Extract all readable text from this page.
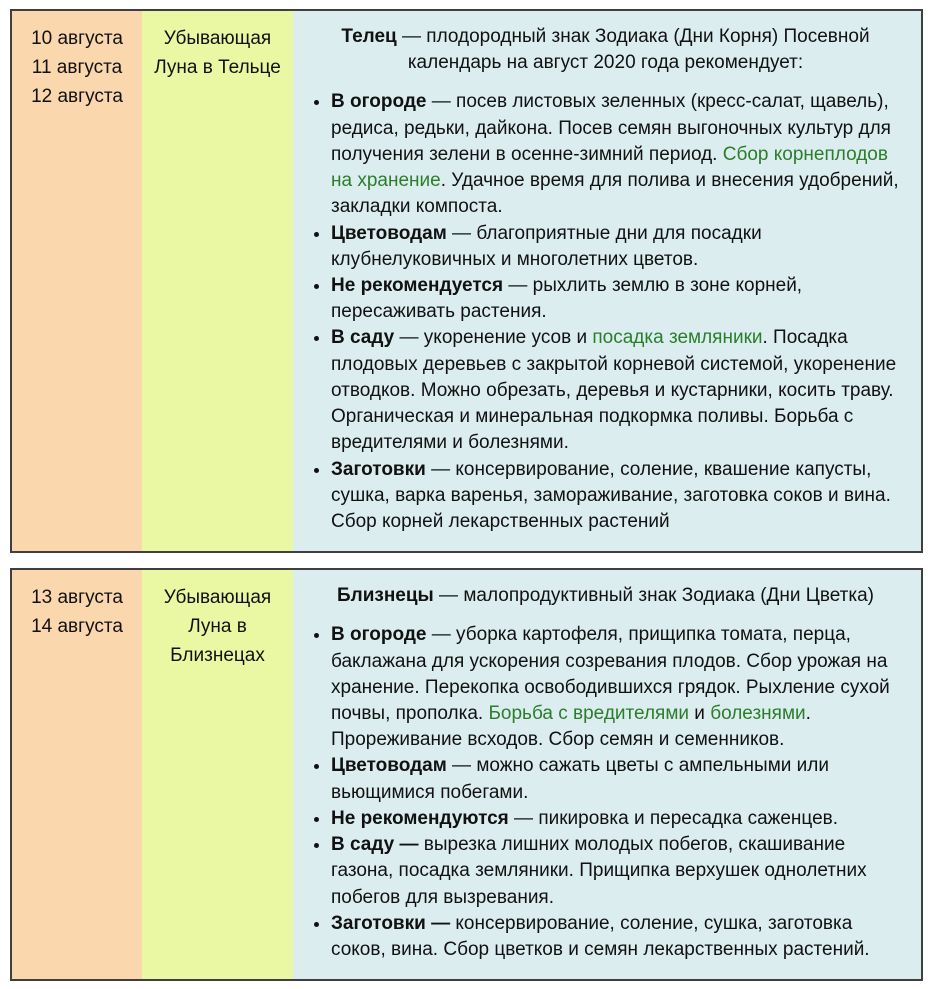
10 августа
11 августа
12 августа
Убывающая Луна в Тельце
Телец — плодородный знак Зодиака (Дни Корня) Посевной календарь на август 2020 года рекомендует:
• В огороде — посев листовых зеленных (кресс-салат, щавель), редиса, редьки, дайкона. Посев семян выгоночных культур для получения зелени в осенне-зимний период. Сбор корнеплодов на хранение. Удачное время для полива и внесения удобрений, закладки компоста.
• Цветоводам — благоприятные дни для посадки клубнелуковичных и многолетних цветов.
• Не рекомендуется — рыхлить землю в зоне корней, пересаживать растения.
• В саду — укоренение усов и посадка земляники. Посадка плодовых деревьев с закрытой корневой системой, укоренение отводков. Можно обрезать, деревья и кустарники, косить траву. Органическая и минеральная подкормка поливы. Борьба с вредителями и болезнями.
• Заготовки — консервирование, соление, квашение капусты, сушка, варка варенья, замораживание, заготовка соков и вина. Сбор корней лекарственных растений
13 августа
14 августа
Убывающая Луна в Близнецах
Близнецы — малопродуктивный знак Зодиака (Дни Цветка)
• В огороде — уборка картофеля, прищипка томата, перца, баклажана для ускорения созревания плодов. Сбор урожая на хранение. Перекопка освободившихся грядок. Рыхление сухой почвы, прополка. Борьба с вредителями и болезнями. Прореживание всходов. Сбор семян и семенников.
• Цветоводам — можно сажать цветы с ампельными или вьющимися побегами.
• Не рекомендуются — пикировка и пересадка саженцев.
• В саду — вырезка лишних молодых побегов, скашивание газона, посадка земляники. Прищипка верхушек однолетних побегов для вызревания.
• Заготовки — консервирование, соление, сушка, заготовка соков, вина. Сбор цветков и семян лекарственных растений.
